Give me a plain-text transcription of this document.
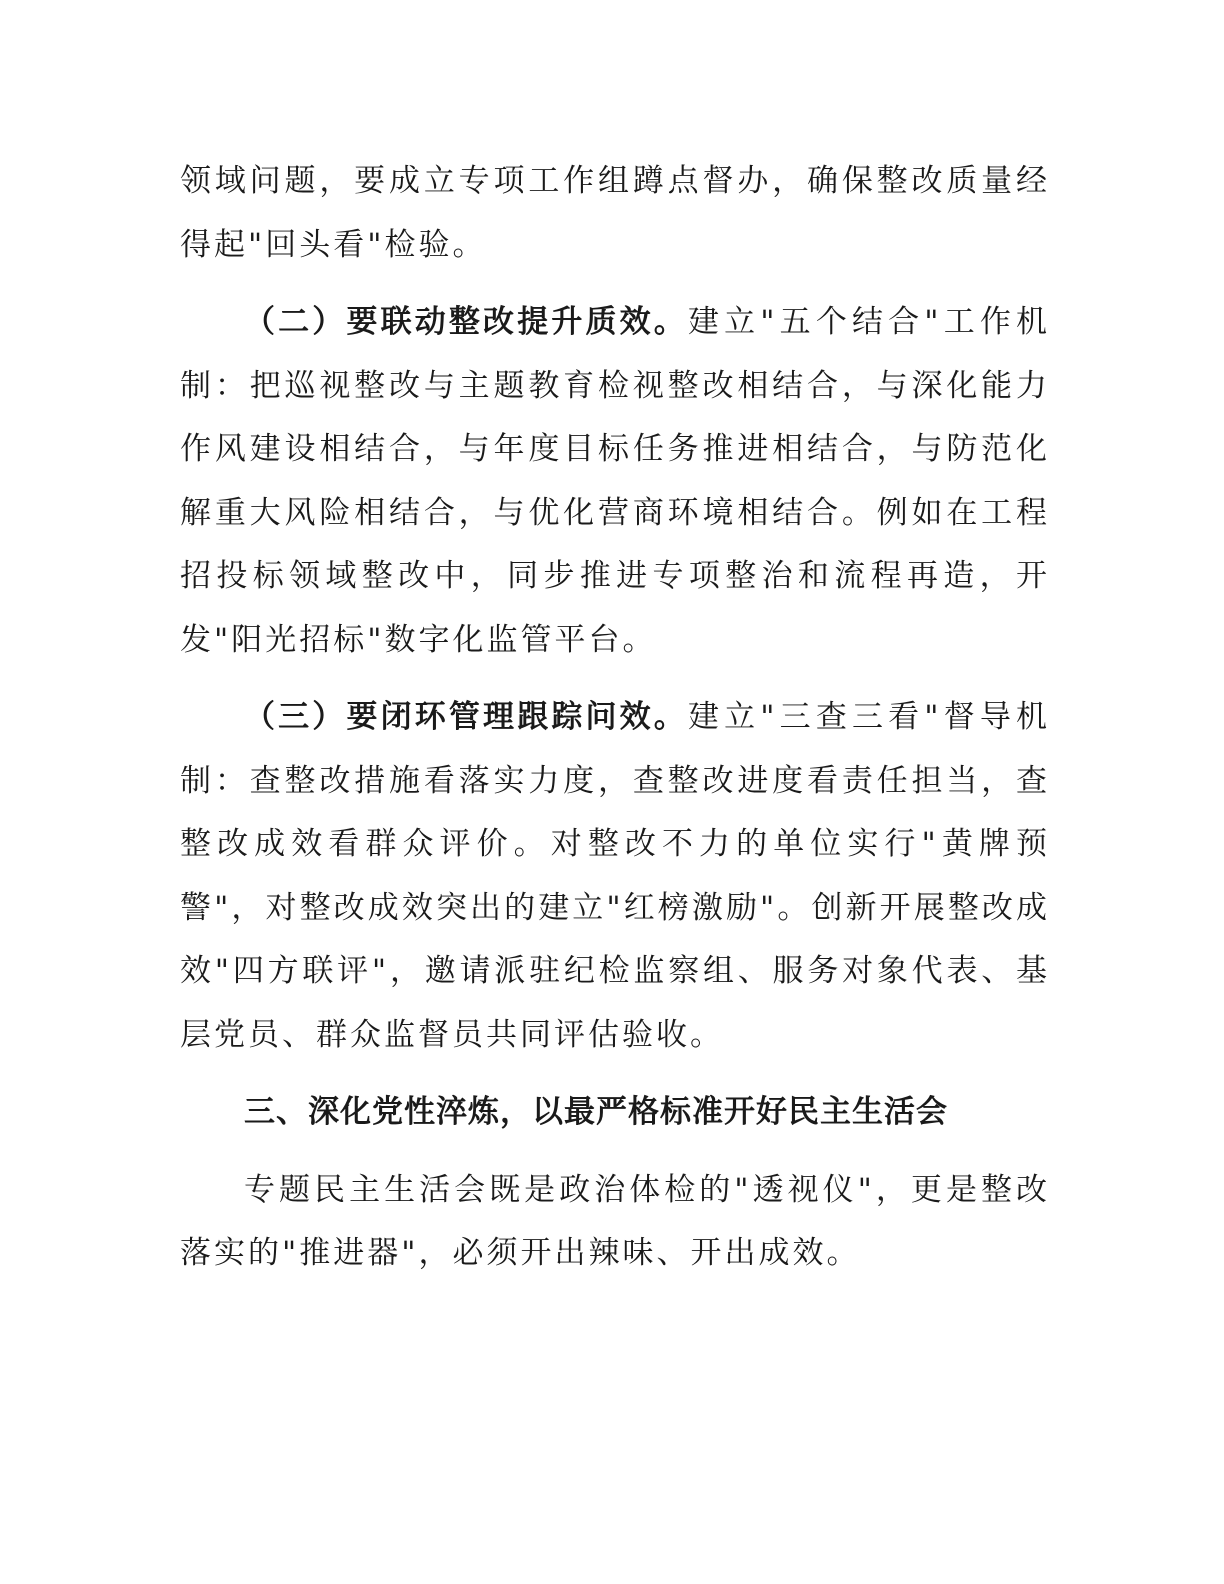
领域问题，要成立专项工作组蹲点督办，确保整改质量经得起"回头看"检验。

（二）要联动整改提升质效。建立"五个结合"工作机制：把巡视整改与主题教育检视整改相结合，与深化能力作风建设相结合，与年度目标任务推进相结合，与防范化解重大风险相结合，与优化营商环境相结合。例如在工程招投标领域整改中，同步推进专项整治和流程再造，开发"阳光招标"数字化监管平台。

（三）要闭环管理跟踪问效。建立"三查三看"督导机制：查整改措施看落实力度，查整改进度看责任担当，查整改成效看群众评价。对整改不力的单位实行"黄牌预警"，对整改成效突出的建立"红榜激励"。创新开展整改成效"四方联评"，邀请派驻纪检监察组、服务对象代表、基层党员、群众监督员共同评估验收。

三、深化党性淬炼，以最严格标准开好民主生活会

专题民主生活会既是政治体检的"透视仪"，更是整改落实的"推进器"，必须开出辣味、开出成效。
